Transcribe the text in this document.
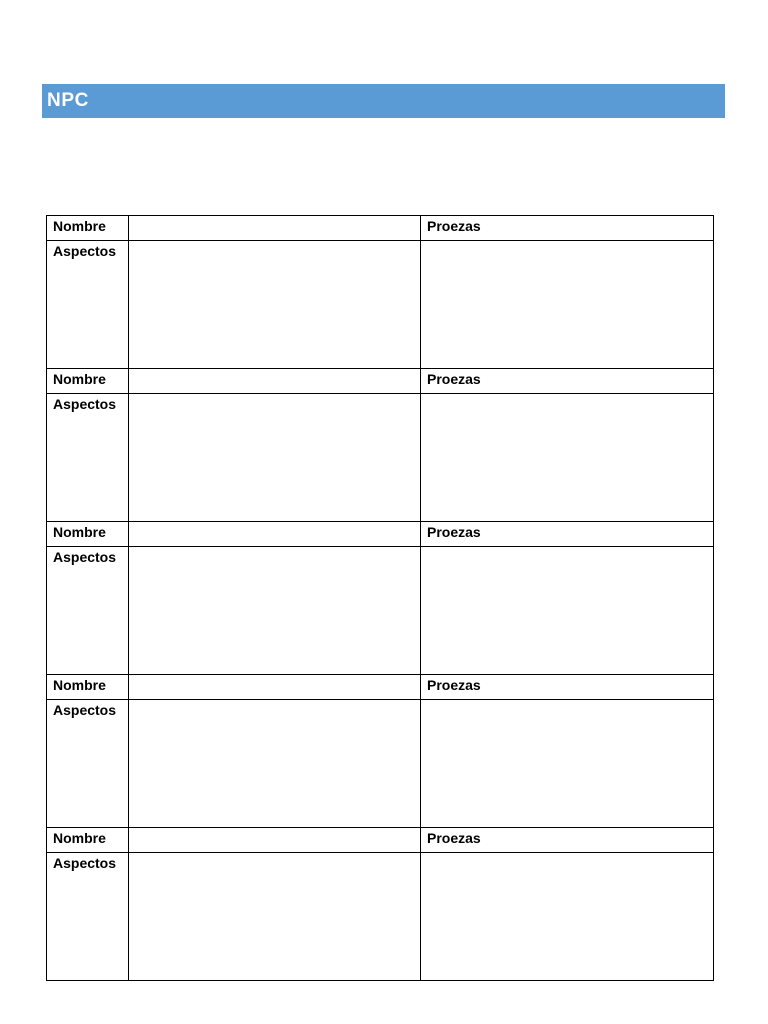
NPC
Nombre		Proezas
Aspectos		
Nombre		Proezas
Aspectos		
Nombre		Proezas
Aspectos		
Nombre		Proezas
Aspectos		
Nombre		Proezas
Aspectos		
